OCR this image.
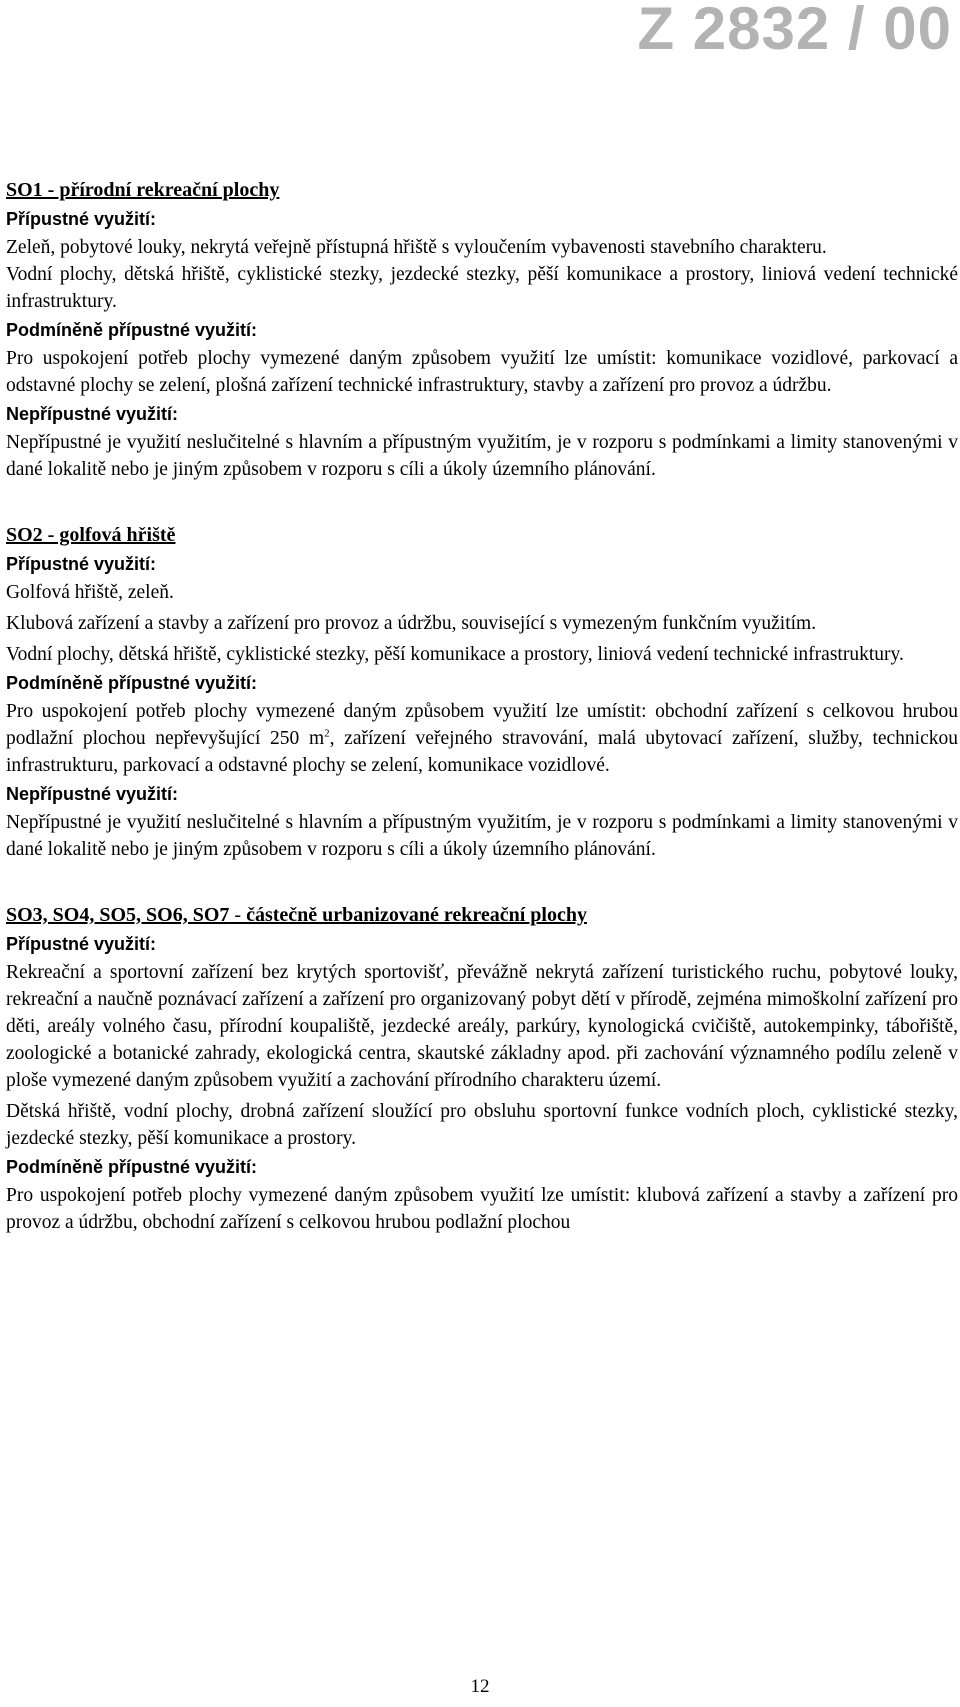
Z 2832 / 00

SO1 - přírodní rekreační plochy

Přípustné využití:

Zeleň, pobytové louky, nekrytá veřejně přístupná hřiště s vyloučením vybavenosti stavebního charakteru.

Vodní plochy, dětská hřiště, cyklistické stezky, jezdecké stezky, pěší komunikace a prostory, liniová vedení technické infrastruktury.

Podmíněně přípustné využití:

Pro uspokojení potřeb plochy vymezené daným způsobem využití lze umístit: komunikace vozidlové, parkovací a odstavné plochy se zelení, plošná zařízení technické infrastruktury, stavby a zařízení pro provoz a údržbu.

Nepřípustné využití:

Nepřípustné je využití neslučitelné s hlavním a přípustným využitím, je v rozporu s podmínkami a limity stanovenými v dané lokalitě nebo je jiným způsobem v rozporu s cíli a úkoly územního plánování.

SO2 - golfová hřiště

Přípustné využití:

Golfová hřiště, zeleň.

Klubová zařízení a stavby a zařízení pro provoz a údržbu, související s vymezeným funkčním využitím.

Vodní plochy, dětská hřiště, cyklistické stezky, pěší komunikace a prostory, liniová vedení technické infrastruktury.

Podmíněně přípustné využití:

Pro uspokojení potřeb plochy vymezené daným způsobem využití lze umístit: obchodní zařízení s celkovou hrubou podlažní plochou nepřevyšující 250 $m^2$, zařízení veřejného stravování, malá ubytovací zařízení, služby, technickou infrastrukturu, parkovací a odstavné plochy se zelení, komunikace vozidlové.

Nepřípustné využití:

Nepřípustné je využití neslučitelné s hlavním a přípustným využitím, je v rozporu s podmínkami a limity stanovenými v dané lokalitě nebo je jiným způsobem v rozporu s cíli a úkoly územního plánování.

SO3, SO4, SO5, SO6, SO7 - částečně urbanizované rekreační plochy

Přípustné využití:

Rekreační a sportovní zařízení bez krytých sportovišť, převážně nekrytá zařízení turistického ruchu, pobytové louky, rekreační a naučně poznávací zařízení a zařízení pro organizovaný pobyt dětí v přírodě, zejména mimoškolní zařízení pro děti, areály volného času, přírodní koupaliště, jezdecké areály, parkúry, kynologická cvičiště, autokempinky, tábořiště, zoologické a botanické zahrady, ekologická centra, skautské základny apod. při zachování významného podílu zeleně v ploše vymezené daným způsobem využití a zachování přírodního charakteru území.

Dětská hřiště, vodní plochy, drobná zařízení sloužící pro obsluhu sportovní funkce vodních ploch, cyklistické stezky, jezdecké stezky, pěší komunikace a prostory.

Podmíněně přípustné využití:

Pro uspokojení potřeb plochy vymezené daným způsobem využití lze umístit: klubová zařízení a stavby a zařízení pro provoz a údržbu, obchodní zařízení s celkovou hrubou podlažní plochou

12
